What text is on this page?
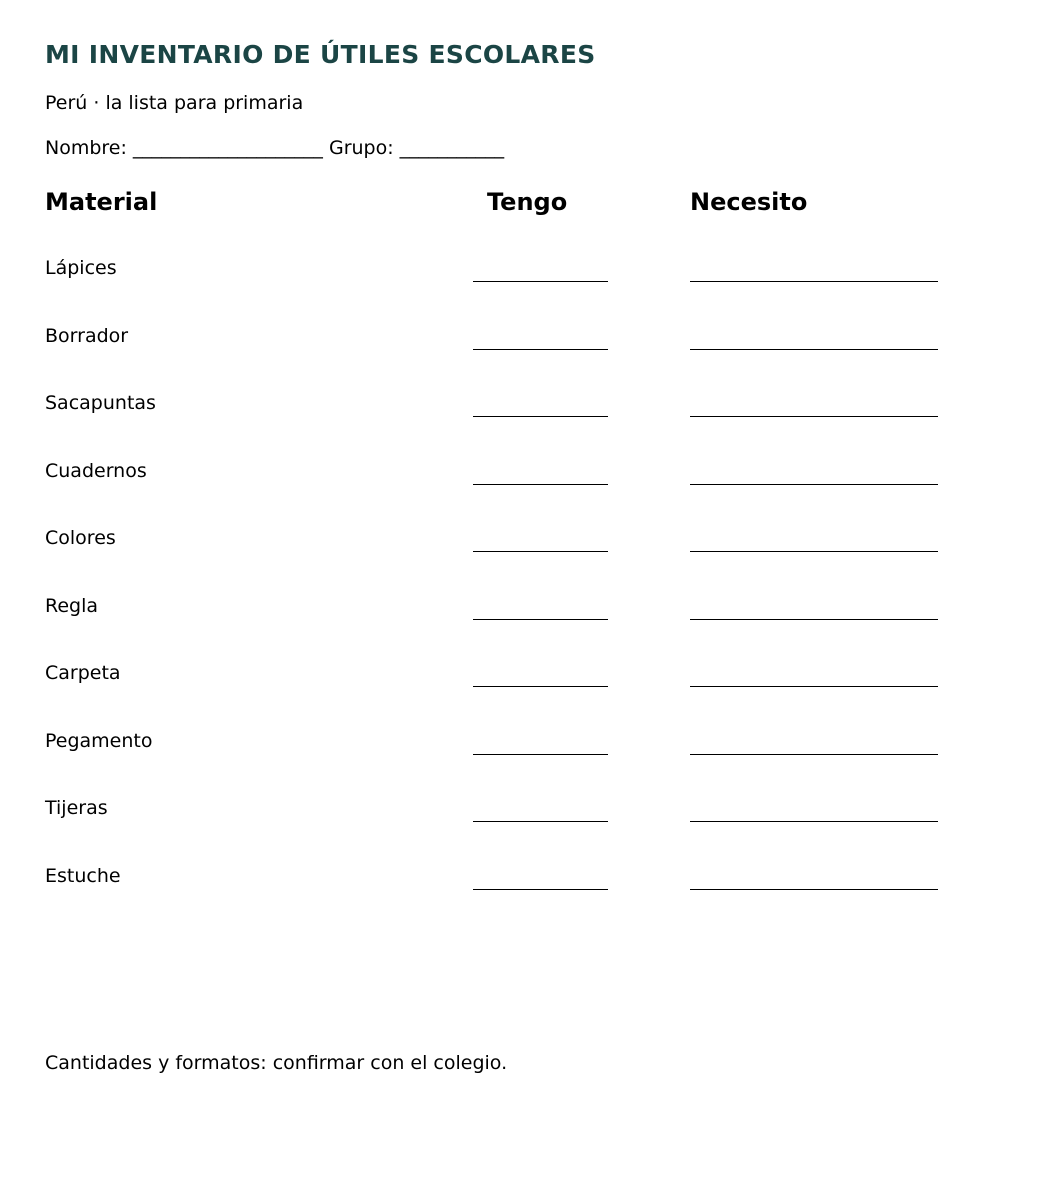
MI INVENTARIO DE ÚTILES ESCOLARES
Perú · la lista para primaria
Nombre: ____________________ Grupo: ___________
Material	Tengo	Necesito
Lápices
Borrador
Sacapuntas
Cuadernos
Colores
Regla
Carpeta
Pegamento
Tijeras
Estuche
Cantidades y formatos: confirmar con el colegio.
